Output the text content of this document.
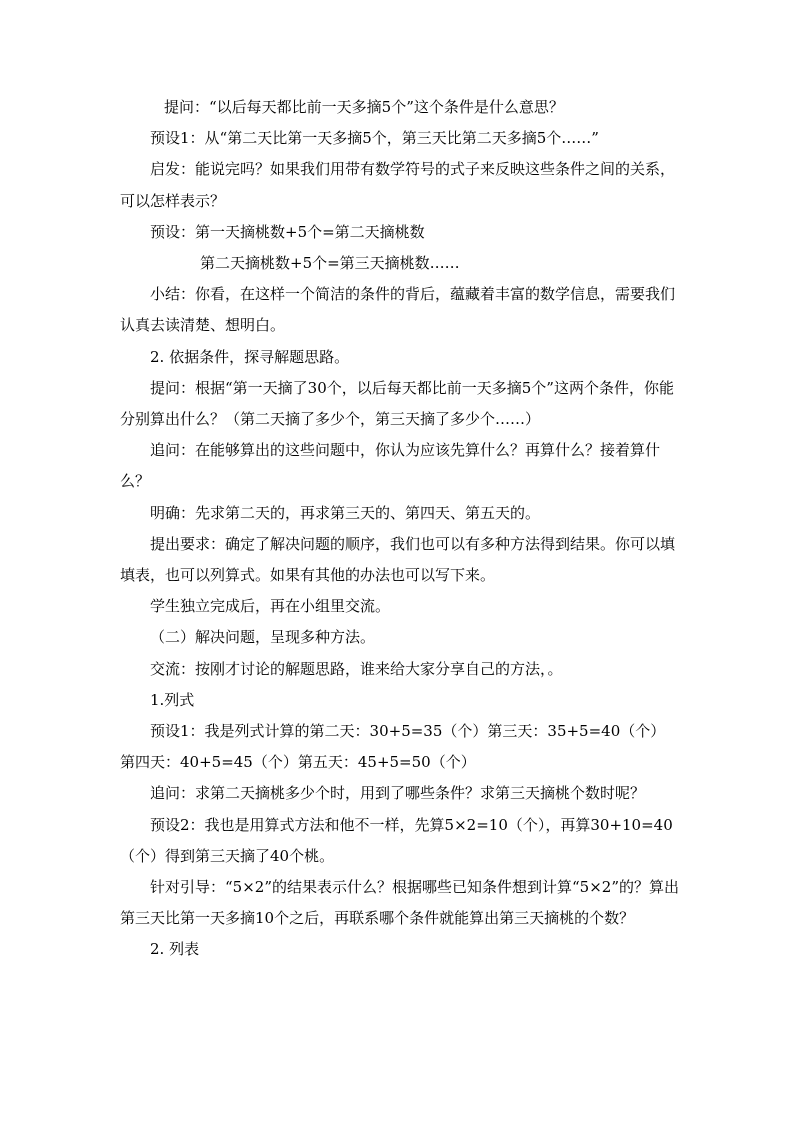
提问：“以后每天都比前一天多摘5个”这个条件是什么意思？

预设1：从“第二天比第一天多摘5个，第三天比第二天多摘5个……”

启发：能说完吗？如果我们用带有数学符号的式子来反映这些条件之间的关系，可以怎样表示？

预设：第一天摘桃数+5个=第二天摘桃数

第二天摘桃数+5个=第三天摘桃数……

小结：你看，在这样一个简洁的条件的背后，蕴藏着丰富的数学信息，需要我们认真去读清楚、想明白。

2. 依据条件，探寻解题思路。

提问：根据“第一天摘了30个，以后每天都比前一天多摘5个”这两个条件，你能分别算出什么？（第二天摘了多少个，第三天摘了多少个……）

追问：在能够算出的这些问题中，你认为应该先算什么？再算什么？接着算什么？

明确：先求第二天的，再求第三天的、第四天、第五天的。

提出要求：确定了解决问题的顺序，我们也可以有多种方法得到结果。你可以填填表，也可以列算式。如果有其他的办法也可以写下来。

学生独立完成后，再在小组里交流。

（二）解决问题，呈现多种方法。

交流：按刚才讨论的解题思路，谁来给大家分享自己的方法，。

1.列式

预设1：我是列式计算的第二天：30+5=35（个）第三天：35+5=40（个）第四天：40+5=45（个）第五天：45+5=50（个）

追问：求第二天摘桃多少个时，用到了哪些条件？求第三天摘桃个数时呢？

预设2：我也是用算式方法和他不一样，先算5×2=10（个），再算30+10=40（个）得到第三天摘了40个桃。

针对引导：“5×2”的结果表示什么？根据哪些已知条件想到计算“5×2”的？算出第三天比第一天多摘10个之后，再联系哪个条件就能算出第三天摘桃的个数？

2. 列表
